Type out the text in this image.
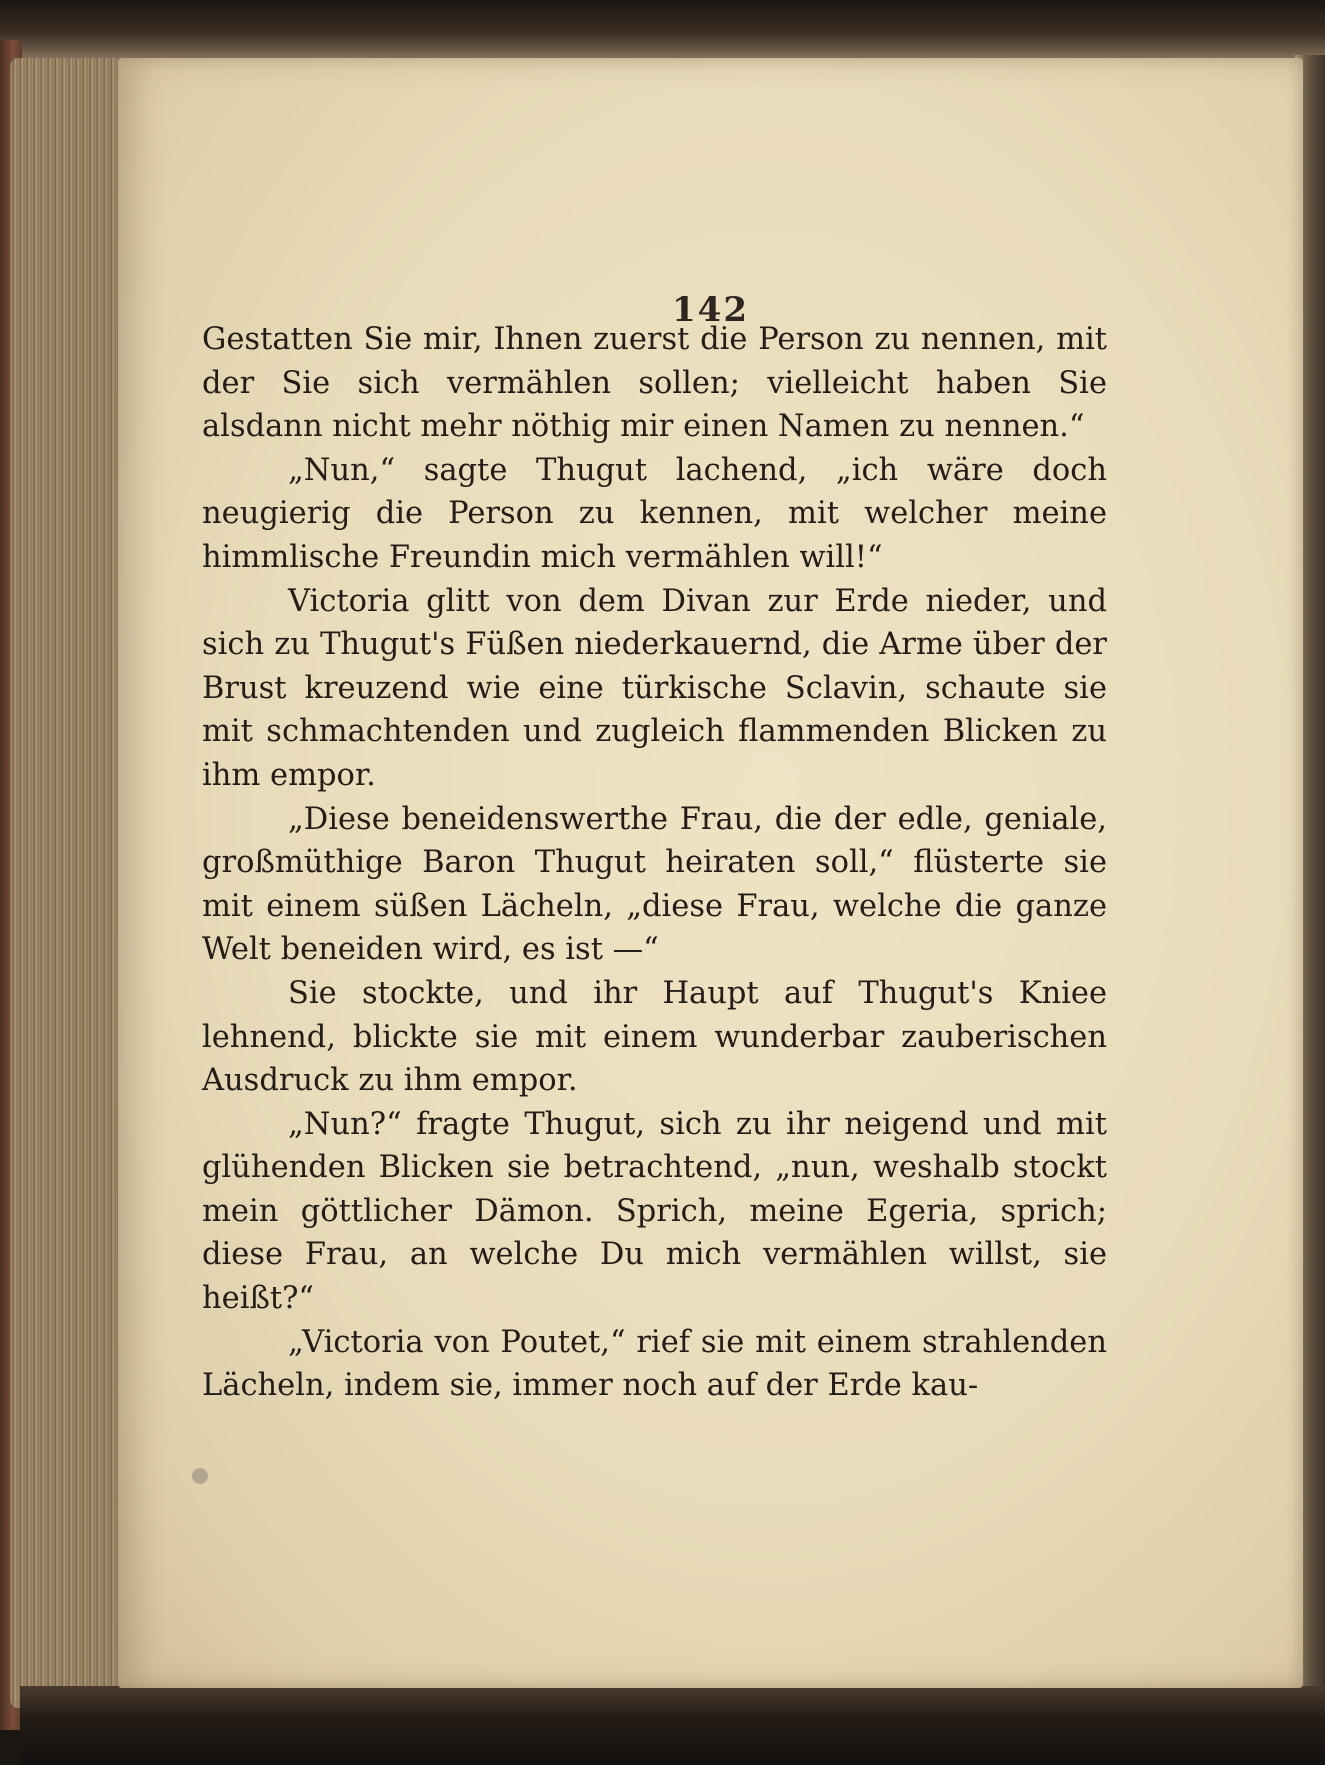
142

Gestatten Sie mir, Ihnen zuerst die Person zu nennen, mit der Sie sich vermählen sollen; vielleicht haben Sie alsdann nicht mehr nöthig mir einen Namen zu nennen.“

„Nun,“ sagte Thugut lachend, „ich wäre doch neugierig die Person zu kennen, mit welcher meine himmlische Freundin mich vermählen will!“

Victoria glitt von dem Divan zur Erde nieder, und sich zu Thugut's Füßen niederkauernd, die Arme über der Brust kreuzend wie eine türkische Sclavin, schaute sie mit schmachtenden und zugleich flammenden Blicken zu ihm empor.

„Diese beneidenswerthe Frau, die der edle, geniale, großmüthige Baron Thugut heiraten soll,“ flüsterte sie mit einem süßen Lächeln, „diese Frau, welche die ganze Welt beneiden wird, es ist —“

Sie stockte, und ihr Haupt auf Thugut's Kniee lehnend, blickte sie mit einem wunderbar zauberischen Ausdruck zu ihm empor.

„Nun?“ fragte Thugut, sich zu ihr neigend und mit glühenden Blicken sie betrachtend, „nun, weshalb stockt mein göttlicher Dämon. Sprich, meine Egeria, sprich; diese Frau, an welche Du mich vermählen willst, sie heißt?“

„Victoria von Poutet,“ rief sie mit einem strahlenden Lächeln, indem sie, immer noch auf der Erde kau-
